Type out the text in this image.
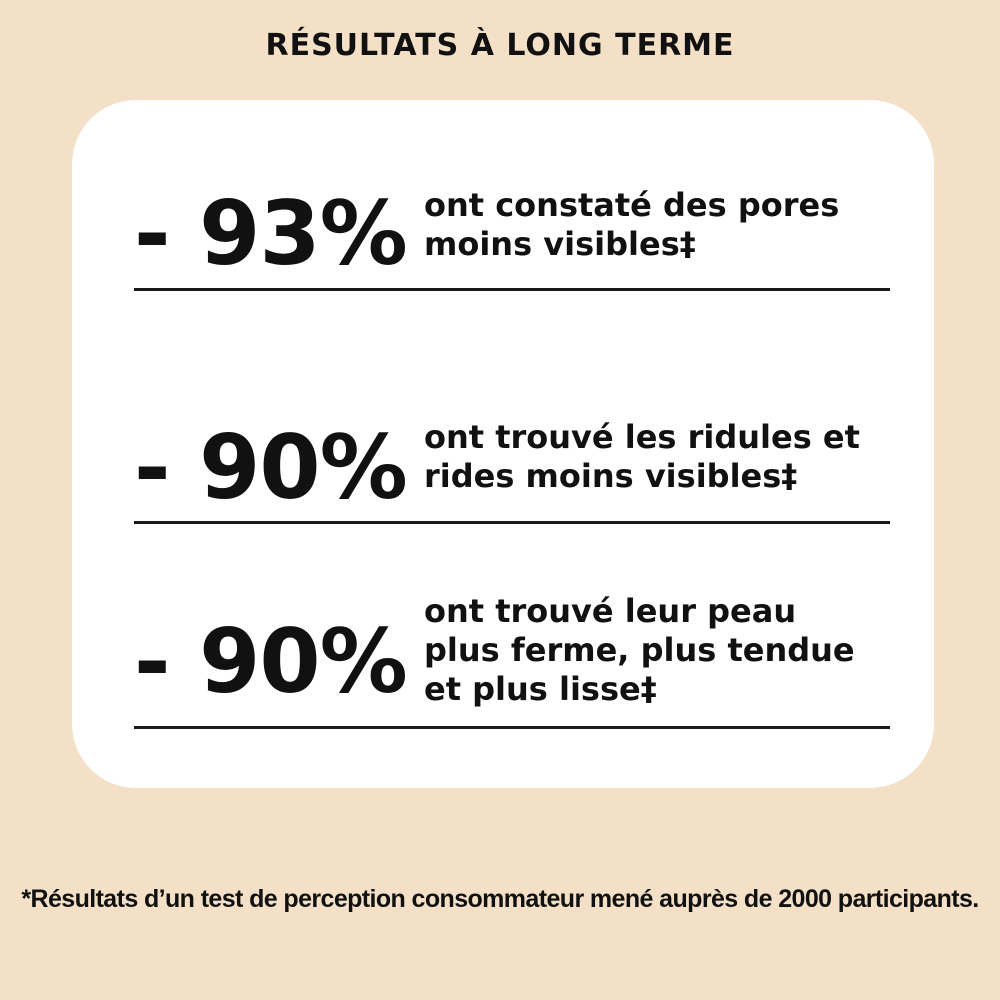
RÉSULTATS À LONG TERME
- 93% ont constaté des pores
moins visibles‡
- 90% ont trouvé les ridules et
rides moins visibles‡
- 90% ont trouvé leur peau
plus ferme, plus tendue
et plus lisse‡

*Résultats d’un test de perception consommateur mené auprès de 2000 participants.
